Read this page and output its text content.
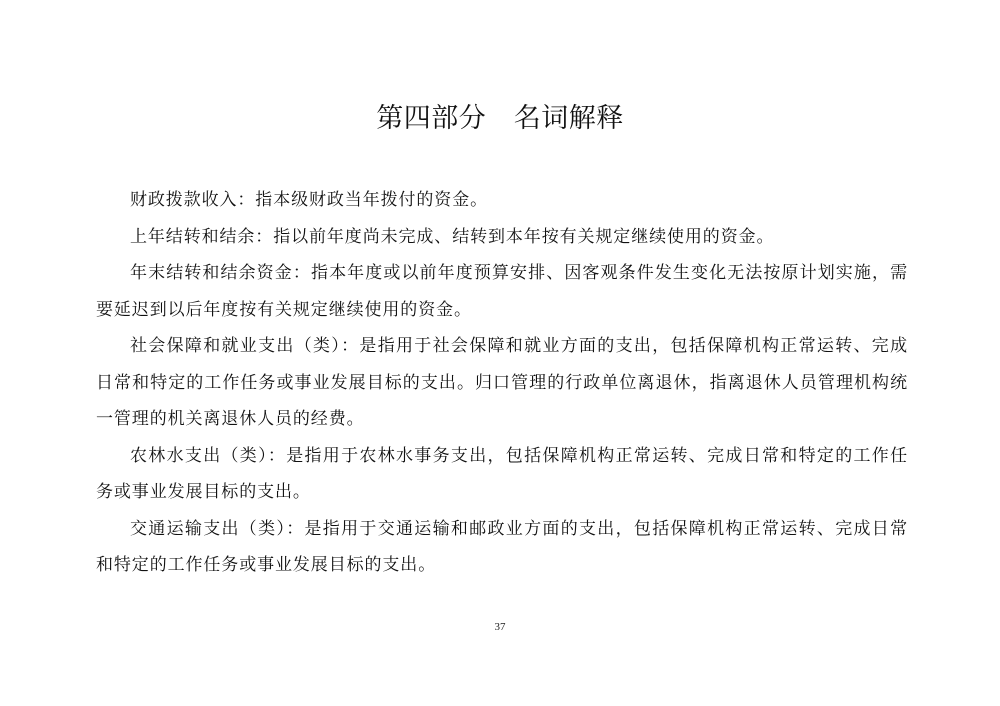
第四部分　名词解释

财政拨款收入：指本级财政当年拨付的资金。

上年结转和结余：指以前年度尚未完成、结转到本年按有关规定继续使用的资金。

年末结转和结余资金：指本年度或以前年度预算安排、因客观条件发生变化无法按原计划实施，需要延迟到以后年度按有关规定继续使用的资金。

社会保障和就业支出（类）：是指用于社会保障和就业方面的支出，包括保障机构正常运转、完成日常和特定的工作任务或事业发展目标的支出。归口管理的行政单位离退休，指离退休人员管理机构统一管理的机关离退休人员的经费。

农林水支出（类）：是指用于农林水事务支出，包括保障机构正常运转、完成日常和特定的工作任务或事业发展目标的支出。

交通运输支出（类）：是指用于交通运输和邮政业方面的支出，包括保障机构正常运转、完成日常和特定的工作任务或事业发展目标的支出。

37
